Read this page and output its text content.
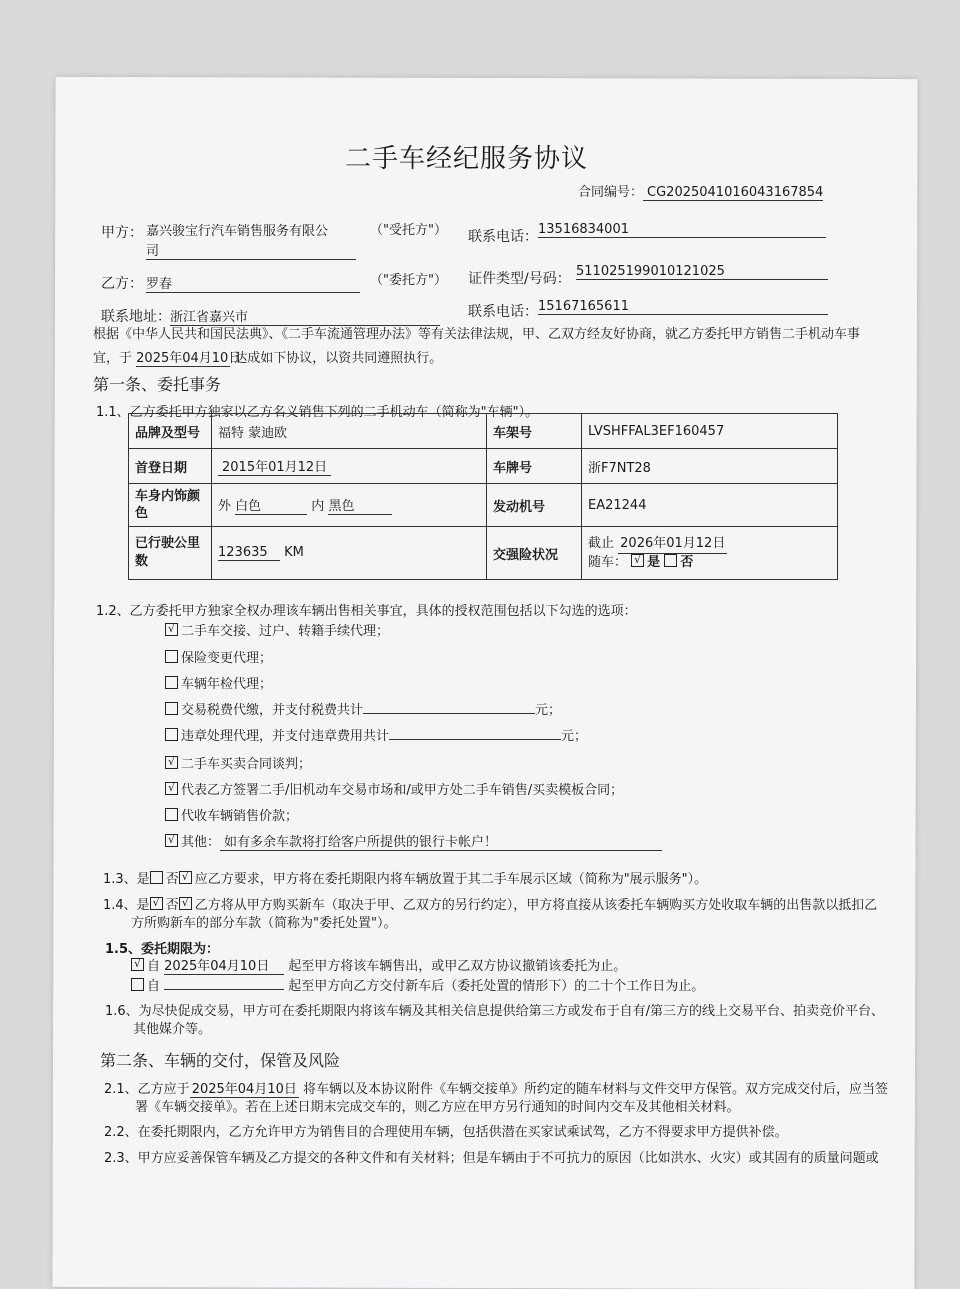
二手车经纪服务协议
合同编号： CG2025041016043167854
甲方： 嘉兴骏宝行汽车销售服务有限公
司
（"受托方"） 联系电话： 13516834001
乙方： 罗春	（"委托方"） 证件类型/号码： 511025199010121025
联系地址： 浙江省嘉兴市	联系电话： 15167165611
根据《中华人民共和国民法典》、《二手车流通管理办法》等有关法律法规，甲、乙双方经友好协商，就乙方委托甲方销售二手机动车事
宜，于 2025年04月10日 达成如下协议，以资共同遵照执行。
第一条、委托事务
1.1、乙方委托甲方独家以乙方名义销售下列的二手机动车（简称为"车辆"）。
品牌及型号	福特 蒙迪欧	车架号	LVSHFFAL3EF160457
首登日期	2015年01月12日	车牌号	浙F7NT28
车身内饰颜色	外 白色 内 黑色	发动机号	EA21244
已行驶公里数	123635 KM	交强险状况	截止 2026年01月12日
随车： √ 是 否
1.2、乙方委托甲方独家全权办理该车辆出售相关事宜，具体的授权范围包括以下勾选的选项：
√二手车交接、过户、转籍手续代理；
保险变更代理；
车辆年检代理；
交易税费代缴，并支付税费共计	元；
违章处理代理，并支付违章费用共计	元；
√二手车买卖合同谈判；
√代表乙方签署二手/旧机动车交易市场和/或甲方处二手车销售/买卖模板合同；
代收车辆销售价款；
√其他： 如有多余车款将打给客户所提供的银行卡帐户！
1.3、是 否 √ 应乙方要求，甲方将在委托期限内将车辆放置于其二手车展示区域（简称为"展示服务"）。
1.4、是 √ 否 √ 乙方将从甲方购买新车（取决于甲、乙双方的另行约定），甲方将直接从该委托车辆购买方处收取车辆的出售款以抵扣乙
方所购新车的部分车款（简称为"委托处置"）。
1.5、委托期限为：
√自 2025年04月10日 起至甲方将该车辆售出，或甲乙双方协议撤销该委托为止。
自	起至甲方向乙方交付新车后（委托处置的情形下）的二十个工作日为止。
1.6、为尽快促成交易，甲方可在委托期限内将该车辆及其相关信息提供给第三方或发布于自有/第三方的线上交易平台、拍卖竞价平台、
其他媒介等。
第二条、车辆的交付，保管及风险
2.1、乙方应于 2025年04月10日 将车辆以及本协议附件《车辆交接单》所约定的随车材料与文件交甲方保管。双方完成交付后，应当签
署《车辆交接单》。若在上述日期末完成交车的，则乙方应在甲方另行通知的时间内交车及其他相关材料。
2.2、在委托期限内，乙方允许甲方为销售目的合理使用车辆，包括供潜在买家试乘试驾，乙方不得要求甲方提供补偿。
2.3、甲方应妥善保管车辆及乙方提交的各种文件和有关材料；但是车辆由于不可抗力的原因（比如洪水、火灾）或其固有的质量问题或
